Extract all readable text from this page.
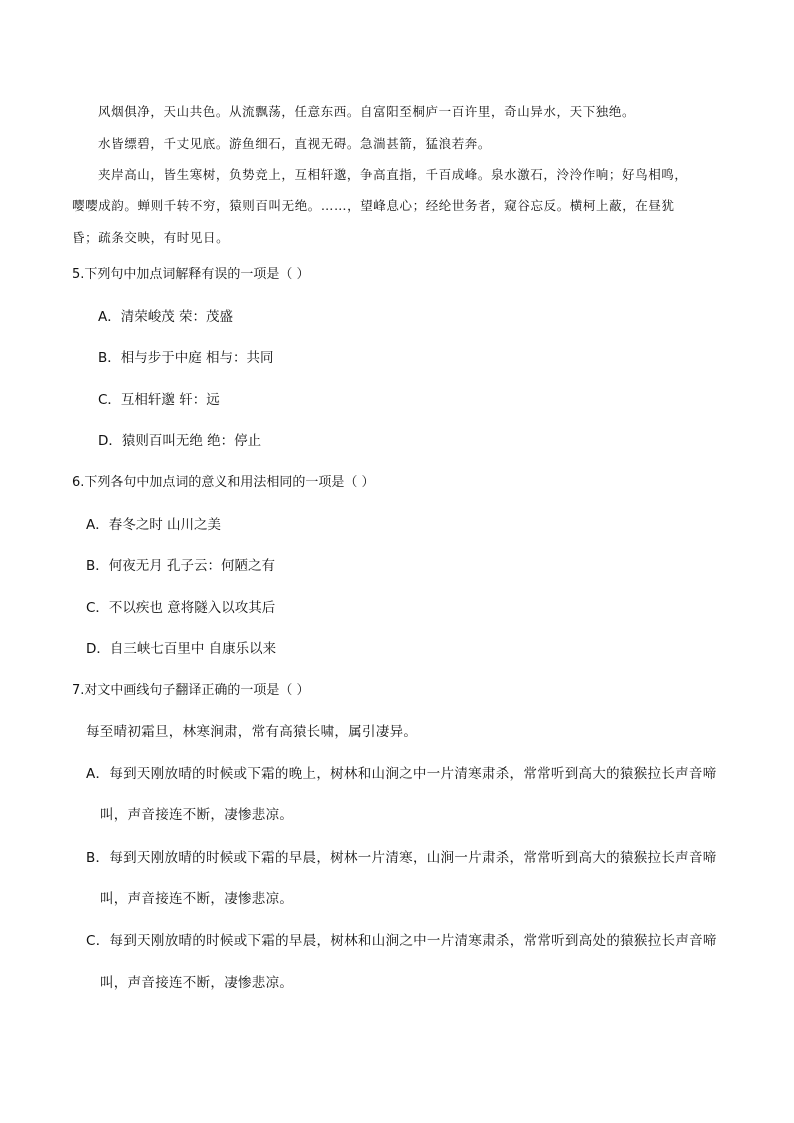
风烟俱净，天山共色。从流飘荡，任意东西。自富阳至桐庐一百许里，奇山异水，天下独绝。
水皆缥碧，千丈见底。游鱼细石，直视无碍。急湍甚箭，猛浪若奔。
夹岸高山，皆生寒树，负势竞上，互相轩邈，争高直指，千百成峰。泉水激石，泠泠作响；好鸟相鸣，
嘤嘤成韵。蝉则千转不穷，猿则百叫无绝。……，望峰息心；经纶世务者，窥谷忘反。横柯上蔽，在昼犹
昏；疏条交映，有时见日。
5.下列句中加点词解释有误的一项是（ ）
A．清荣峻茂 荣：茂盛
B．相与步于中庭 相与：共同
C．互相轩邈 轩：远
D．猿则百叫无绝 绝：停止
6.下列各句中加点词的意义和用法相同的一项是（ ）
A．春冬之时 山川之美
B．何夜无月 孔子云：何陋之有
C．不以疾也 意将隧入以攻其后
D．自三峡七百里中 自康乐以来
7.对文中画线句子翻译正确的一项是（ ）
每至晴初霜旦，林寒涧肃，常有高猿长啸，属引凄异。
A．每到天刚放晴的时候或下霜的晚上，树林和山涧之中一片清寒肃杀，常常听到高大的猿猴拉长声音啼
叫，声音接连不断，凄惨悲凉。
B．每到天刚放晴的时候或下霜的早晨，树林一片清寒，山涧一片肃杀，常常听到高大的猿猴拉长声音啼
叫，声音接连不断，凄惨悲凉。
C．每到天刚放晴的时候或下霜的早晨，树林和山涧之中一片清寒肃杀，常常听到高处的猿猴拉长声音啼
叫，声音接连不断，凄惨悲凉。
